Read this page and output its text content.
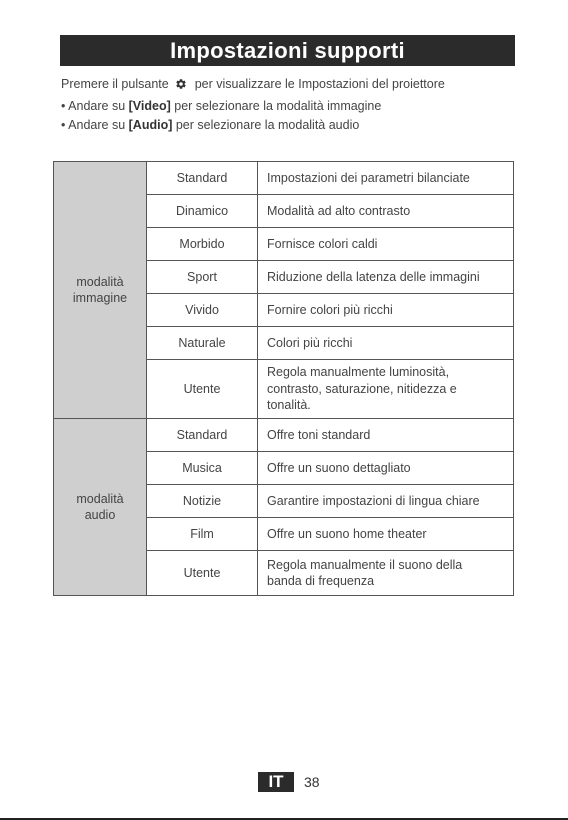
Impostazioni supporti
Premere il pulsante per visualizzare le Impostazioni del proiettore
• Andare su [Video] per selezionare la modalità immagine
• Andare su [Audio] per selezionare la modalità audio
modalità
immagine	Standard	Impostazioni dei parametri bilanciate
	Dinamico	Modalità ad alto contrasto
	Morbido	Fornisce colori caldi
	Sport	Riduzione della latenza delle immagini
	Vivido	Fornire colori più ricchi
	Naturale	Colori più ricchi
	Utente	Regola manualmente luminosità,
contrasto, saturazione, nitidezza e
tonalità.
modalità
audio	Standard	Offre toni standard
	Musica	Offre un suono dettagliato
	Notizie	Garantire impostazioni di lingua chiare
	Film	Offre un suono home theater
	Utente	Regola manualmente il suono della
banda di frequenza
IT	38
